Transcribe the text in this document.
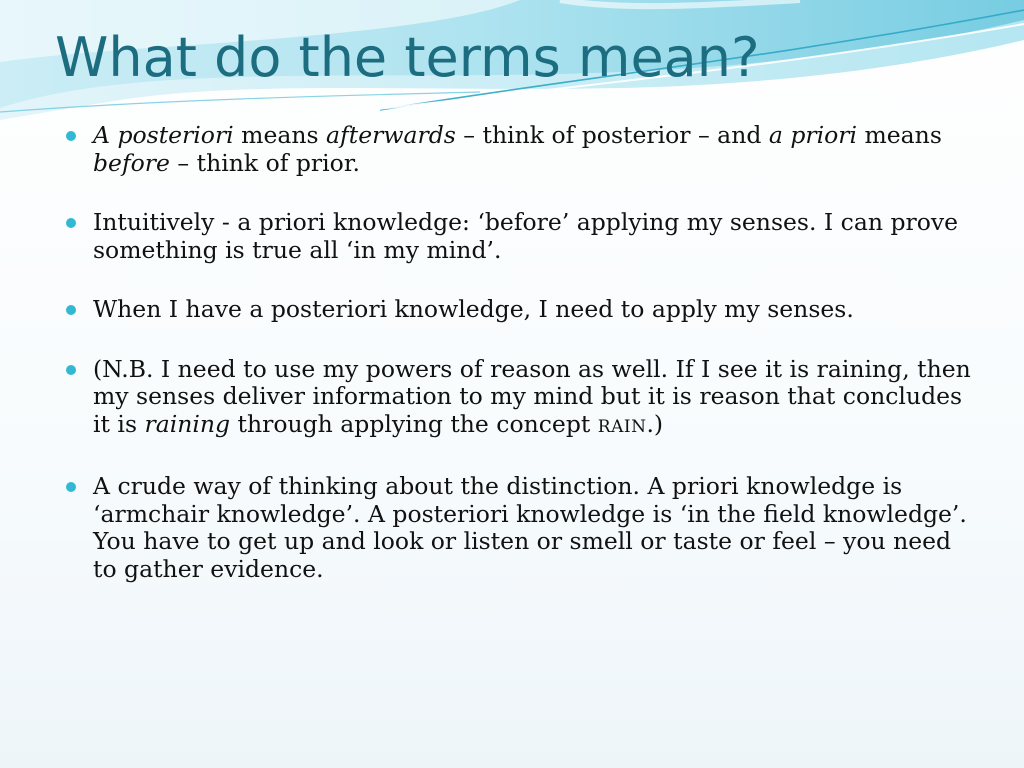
What do the terms mean?
A posteriori means afterwards – think of posterior – and a priori means before – think of prior.
Intuitively - a priori knowledge: ‘before’ applying my senses. I can prove something is true all ‘in my mind’.
When I have a posteriori knowledge, I need to apply my senses.
(N.B. I need to use my powers of reason as well. If I see it is raining, then my senses deliver information to my mind but it is reason that concludes it is raining through applying the concept RAIN.)
A crude way of thinking about the distinction. A priori knowledge is ‘armchair knowledge’. A posteriori knowledge is ‘in the field knowledge’. You have to get up and look or listen or smell or taste or feel – you need to gather evidence.
